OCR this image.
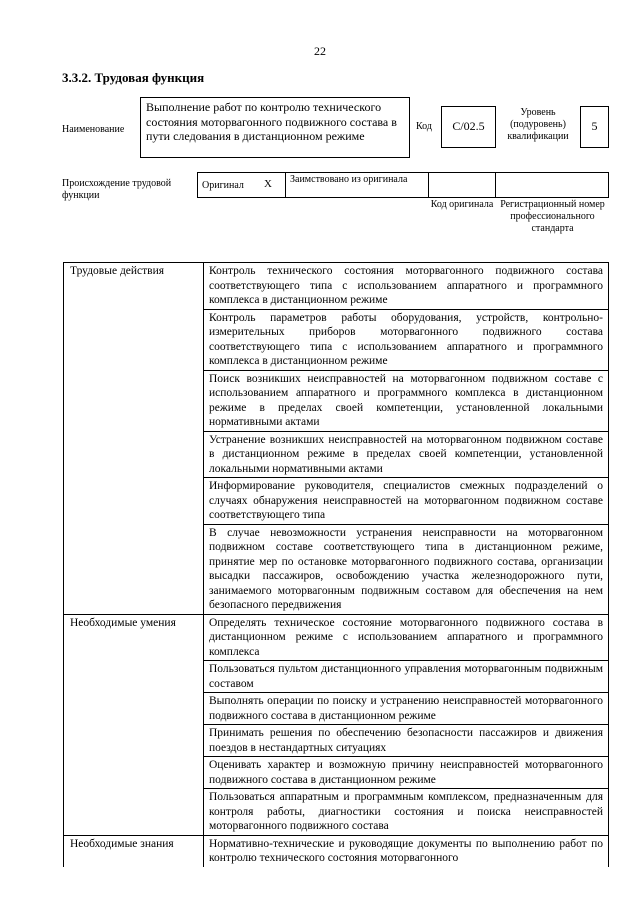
22
3.3.2. Трудовая функция
Наименование
Выполнение работ по контролю технического состояния моторвагонного подвижного состава в пути следования в дистанционном режиме
Код	С/02.5
Уровень (подуровень) квалификации
5
Происхождение трудовой функции
Оригинал Х Заимствовано из оригинала
Код оригинала Регистрационный номер профессионального стандарта
Трудовые действия	Контроль технического состояния моторвагонного подвижного состава соответствующего типа с использованием аппаратного и программного комплекса в дистанционном режиме
	Контроль параметров работы оборудования, устройств, контрольно-измерительных приборов моторвагонного подвижного состава соответствующего типа с использованием аппаратного и программного комплекса в дистанционном режиме
	Поиск возникших неисправностей на моторвагонном подвижном составе с использованием аппаратного и программного комплекса в дистанционном режиме в пределах своей компетенции, установленной локальными нормативными актами
	Устранение возникших неисправностей на моторвагонном подвижном составе в дистанционном режиме в пределах своей компетенции, установленной локальными нормативными актами
	Информирование руководителя, специалистов смежных подразделений о случаях обнаружения неисправностей на моторвагонном подвижном составе соответствующего типа
	В случае невозможности устранения неисправности на моторвагонном подвижном составе соответствующего типа в дистанционном режиме, принятие мер по остановке моторвагонного подвижного состава, организации высадки пассажиров, освобождению участка железнодорожного пути, занимаемого моторвагонным подвижным составом для обеспечения на нем безопасного передвижения
Необходимые умения	Определять техническое состояние моторвагонного подвижного состава в дистанционном режиме с использованием аппаратного и программного комплекса
	Пользоваться пультом дистанционного управления моторвагонным подвижным составом
	Выполнять операции по поиску и устранению неисправностей моторвагонного подвижного состава в дистанционном режиме
	Принимать решения по обеспечению безопасности пассажиров и движения поездов в нестандартных ситуациях
	Оценивать характер и возможную причину неисправностей моторвагонного подвижного состава в дистанционном режиме
	Пользоваться аппаратным и программным комплексом, предназначенным для контроля работы, диагностики состояния и поиска неисправностей моторвагонного подвижного состава
Необходимые знания	Нормативно-технические и руководящие документы по выполнению работ по контролю технического состояния моторвагонного
